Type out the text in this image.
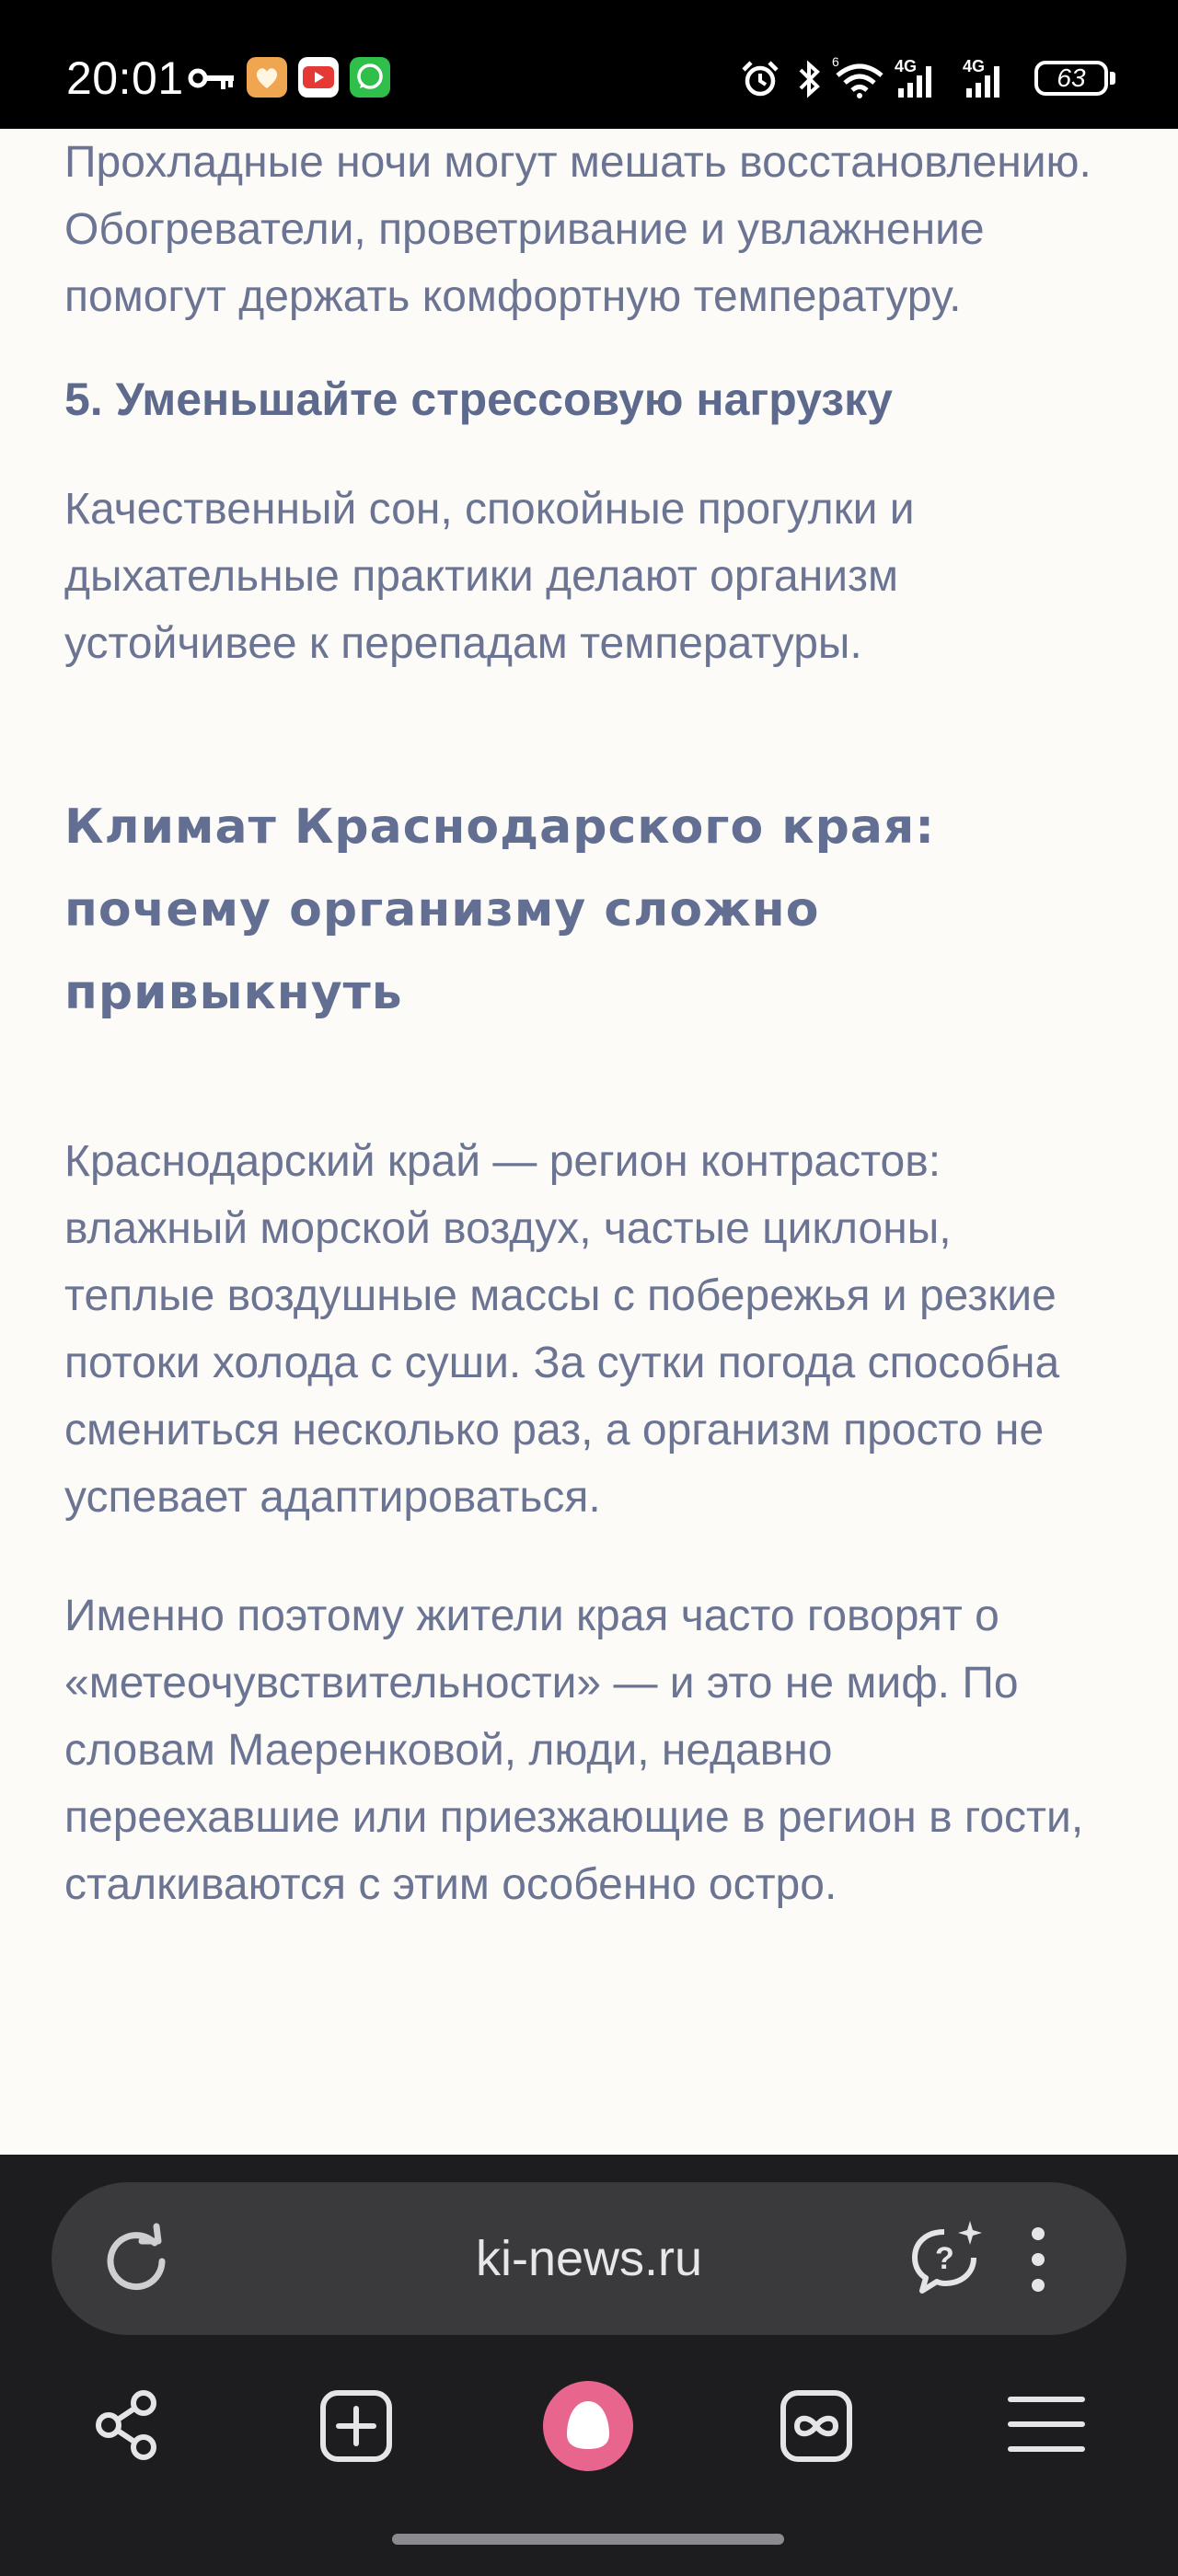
20:01	6	4G	4G	63

Прохладные ночи могут мешать восстановлению.
Обогреватели, проветривание и увлажнение помогут держать комфортную температуру.

5. Уменьшайте стрессовую нагрузку

Качественный сон, спокойные прогулки и дыхательные практики делают организм устойчивее к перепадам температуры.

Климат Краснодарского края: почему организму сложно привыкнуть

Краснодарский край — регион контрастов: влажный морской воздух, частые циклоны, теплые воздушные массы с побережья и резкие потоки холода с суши. За сутки погода способна смениться несколько раз, а организм просто не успевает адаптироваться.

Именно поэтому жители края часто говорят о «метеочувствительности» — и это не миф. По словам Маеренковой, люди, недавно переехавшие или приезжающие в регион в гости, сталкиваются с этим особенно остро.

ki-news.ru	?
